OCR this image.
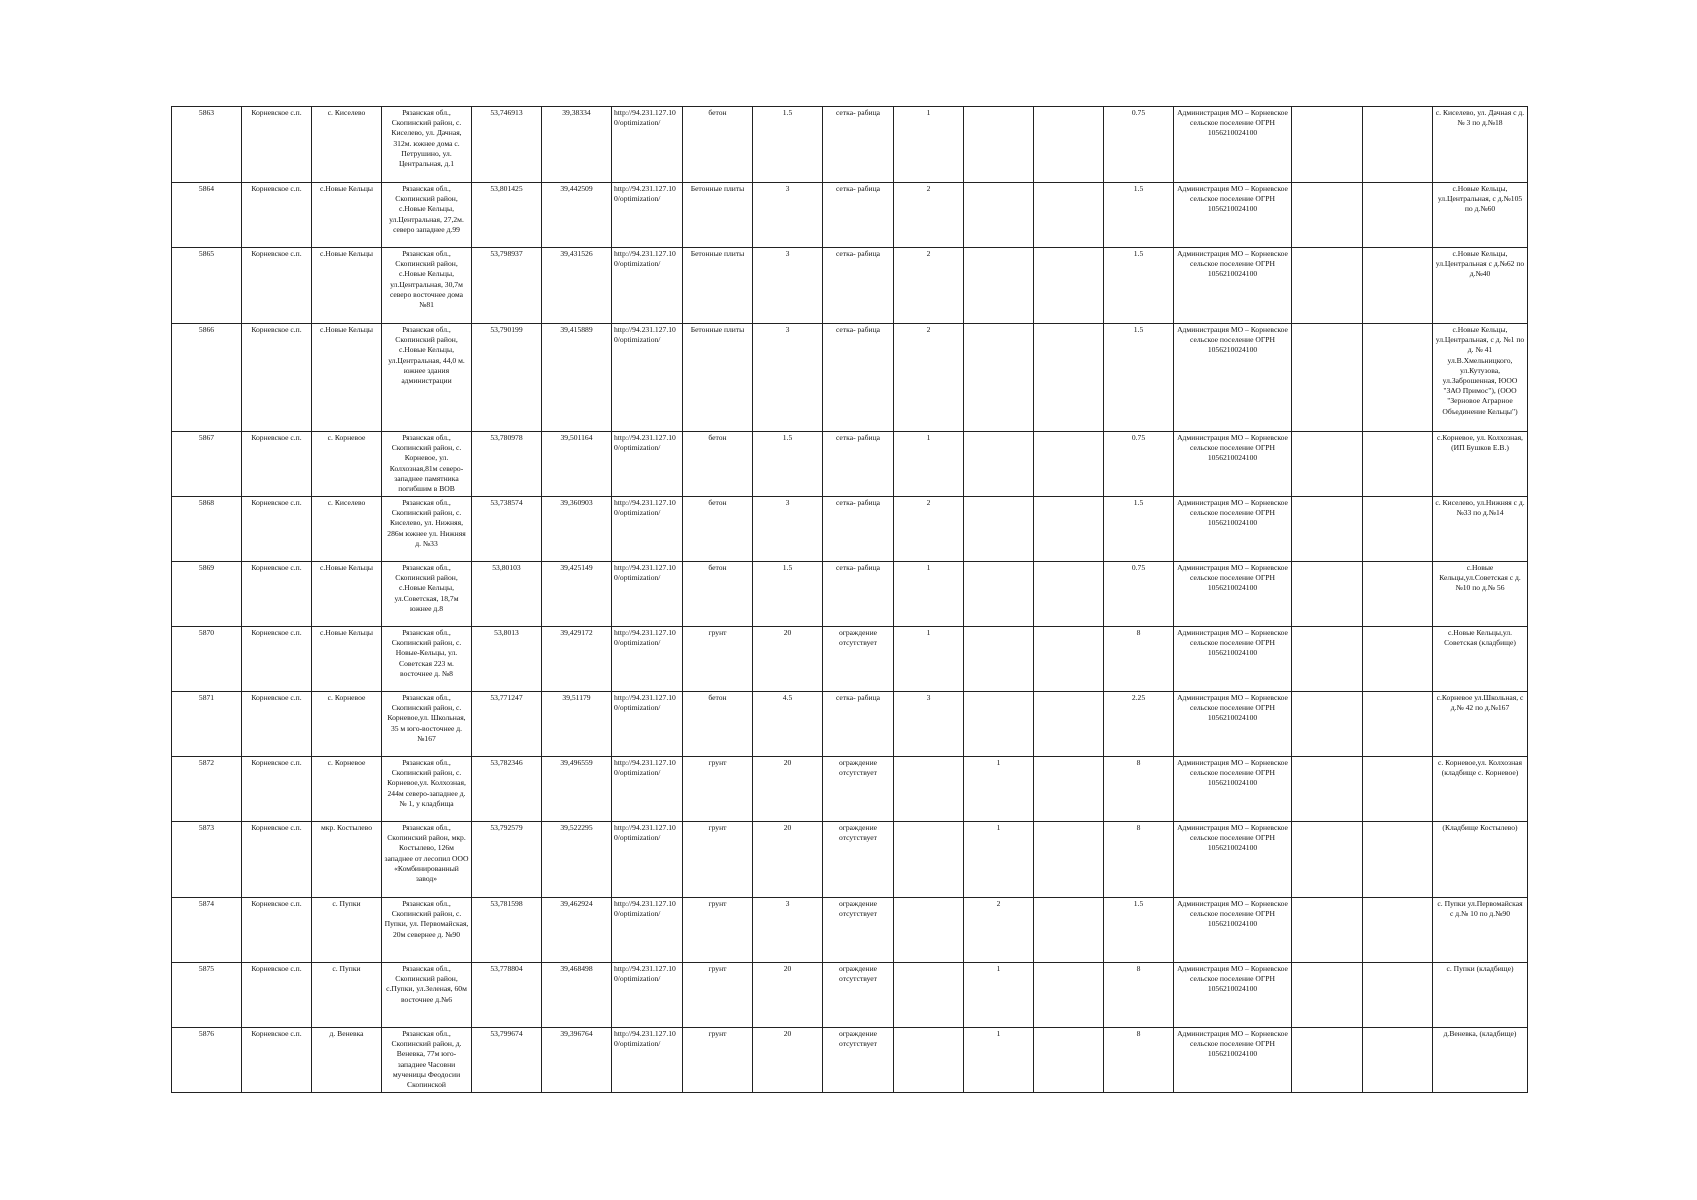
5863	Корневское с.п.	с. Киселево	Рязанская обл., Скопинский район, с. Киселево, ул. Дачная, 312м. южнее дома с. Петрушино, ул. Центральная, д.1	53,746913	39,38334	http://94.231.127.10 0/optimization/	бетон	1.5	сетка- рабица	1			0.75	Администрация МО – Корневское сельское поселение ОГРН 1056210024100			с. Киселево, ул. Дачная с д.№ 3 по д.№18
5864	Корневское с.п.	с.Новые Кельцы	Рязанская обл., Скопинский район, с.Новые Кельцы, ул.Центральная, 27,2м. северо западнее д.99	53,801425	39,442509	http://94.231.127.10 0/optimization/	Бетонные плиты	3	сетка- рабица	2			1.5	Администрация МО – Корневское сельское поселение ОГРН 1056210024100			с.Новые Кельцы, ул.Центральная, с д.№105 по д.№60
5865	Корневское с.п.	с.Новые Кельцы	Рязанская обл., Скопинский район, с.Новые Кельцы, ул.Центральная, 30,7м северо восточнее дома №81	53,798937	39,431526	http://94.231.127.10 0/optimization/	Бетонные плиты	3	сетка- рабица	2			1.5	Администрация МО – Корневское сельское поселение ОГРН 1056210024100			с.Новые Кельцы, ул.Центральная с д.№62 по д.№40
5866	Корневское с.п.	с.Новые Кельцы	Рязанская обл., Скопинский район, с.Новые Кельцы, ул.Центральная, 44,0 м. южнее здания администрации	53,790199	39,415889	http://94.231.127.10 0/optimization/	Бетонные плиты	3	сетка- рабица	2			1.5	Администрация МО – Корневское сельское поселение ОГРН 1056210024100			с.Новые Кельцы, ул.Центральная, с д. №1 по д. № 41 ул.В.Хмельницкого, ул.Кутузова, ул.Заброшенная, ЮОО "ЗАО Примос"), (ООО "Зерновое Аграрное Объединение Кельцы")
5867	Корневское с.п.	с. Корневое	Рязанская обл., Скопинский район, с. Корневое, ул. Колхозная,81м северо-западнее памятника погибшим в ВОВ	53,780978	39,501164	http://94.231.127.10 0/optimization/	бетон	1.5	сетка- рабица	1			0.75	Администрация МО – Корневское сельское поселение ОГРН 1056210024100			с.Корневое, ул. Колхозная, (ИП Бушков Е.В.)
5868	Корневское с.п.	с. Киселево	Рязанская обл., Скопинский район, с. Киселево, ул. Нижняя, 286м южнее ул. Нижняя д. №33	53,738574	39,360903	http://94.231.127.10 0/optimization/	бетон	3	сетка- рабица	2			1.5	Администрация МО – Корневское сельское поселение ОГРН 1056210024100			с. Киселево, ул.Нижняя с д.№33 по д.№14
5869	Корневское с.п.	с.Новые Кельцы	Рязанская обл., Скопинский район, с.Новые Кельцы, ул.Советская, 18,7м южнее д.8	53,80103	39,425149	http://94.231.127.10 0/optimization/	бетон	1.5	сетка- рабица	1			0.75	Администрация МО – Корневское сельское поселение ОГРН 1056210024100			с.Новые Кельцы,ул.Советская с д.№10 по д.№ 56
5870	Корневское с.п.	с.Новые Кельцы	Рязанская обл., Скопинский район, с. Новые-Кельцы, ул. Советская 223 м. восточнее д. №8	53,8013	39,429172	http://94.231.127.10 0/optimization/	грунт	20	ограждение отсутствует	1			8	Администрация МО – Корневское сельское поселение ОГРН 1056210024100			с.Новые Кельцы,ул. Советская (кладбище)
5871	Корневское с.п.	с. Корневое	Рязанская обл., Скопинский район, с. Корневое,ул. Школьная, 35 м юго-восточнее д.№167	53,771247	39,51179	http://94.231.127.10 0/optimization/	бетон	4.5	сетка- рабица	3			2.25	Администрация МО – Корневское сельское поселение ОГРН 1056210024100			с.Корневое ул.Школьная, с д.№ 42 по д.№167
5872	Корневское с.п.	с. Корневое	Рязанская обл., Скопинский район, с. Корневое,ул. Колхозная, 244м северо-западнее д. № 1, у кладбища	53,782346	39,496559	http://94.231.127.10 0/optimization/	грунт	20	ограждение отсутствует		1		8	Администрация МО – Корневское сельское поселение ОГРН 1056210024100			с. Корневое,ул. Колхозная (кладбище с. Корневое)
5873	Корневское с.п.	мкр. Костылево	Рязанская обл., Скопинский район, мкр. Костылево, 126м западнее от лесопил ООО «Комбинированный завод»	53,792579	39,522295	http://94.231.127.10 0/optimization/	грунт	20	ограждение отсутствует		1		8	Администрация МО – Корневское сельское поселение ОГРН 1056210024100			(Кладбище Костылево)
5874	Корневское с.п.	с. Пупки	Рязанская обл., Скопинский район, с. Пупки, ул. Первомайская, 20м севернее д. №90	53,781598	39,462924	http://94.231.127.10 0/optimization/	грунт	3	ограждение отсутствует		2		1.5	Администрация МО – Корневское сельское поселение ОГРН 1056210024100			с. Пупки ул.Первомайская с д.№ 10 по д.№90
5875	Корневское с.п.	с. Пупки	Рязанская обл., Скопинский район, с.Пупки, ул.Зеленая, 60м восточнее д.№6	53,778804	39,468498	http://94.231.127.10 0/optimization/	грунт	20	ограждение отсутствует		1		8	Администрация МО – Корневское сельское поселение ОГРН 1056210024100			с. Пупки (кладбище)
5876	Корневское с.п.	д. Веневка	Рязанская обл., Скопинский район, д. Веневка, 77м юго-западнее Часовни мученицы Феодосии Скопинской	53,799674	39,396764	http://94.231.127.10 0/optimization/	грунт	20	ограждение отсутствует		1		8	Администрация МО – Корневское сельское поселение ОГРН 1056210024100			д.Веневка, (кладбище)
